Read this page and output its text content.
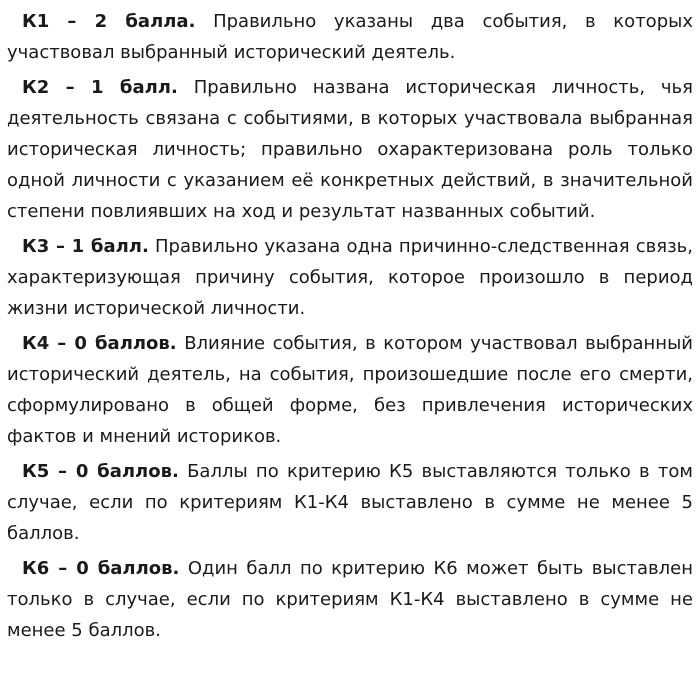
К1 – 2 балла. Правильно указаны два события, в которых участвовал выбранный исторический деятель.

К2 – 1 балл. Правильно названа историческая личность, чья деятельность связана с событиями, в которых участвовала выбранная историческая личность; правильно охарактеризована роль только одной личности с указанием её конкретных действий, в значительной степени повлиявших на ход и результат названных событий.

К3 – 1 балл. Правильно указана одна причинно-следственная связь, характеризующая причину события, которое произошло в период жизни исторической личности.

К4 – 0 баллов. Влияние события, в котором участвовал выбранный исторический деятель, на события, произошедшие после его смерти, сформулировано в общей форме, без привлечения исторических фактов и мнений историков.

К5 – 0 баллов. Баллы по критерию К5 выставляются только в том случае, если по критериям К1-К4 выставлено в сумме не менее 5 баллов.

К6 – 0 баллов. Один балл по критерию К6 может быть выставлен только в случае, если по критериям К1-К4 выставлено в сумме не менее 5 баллов.
